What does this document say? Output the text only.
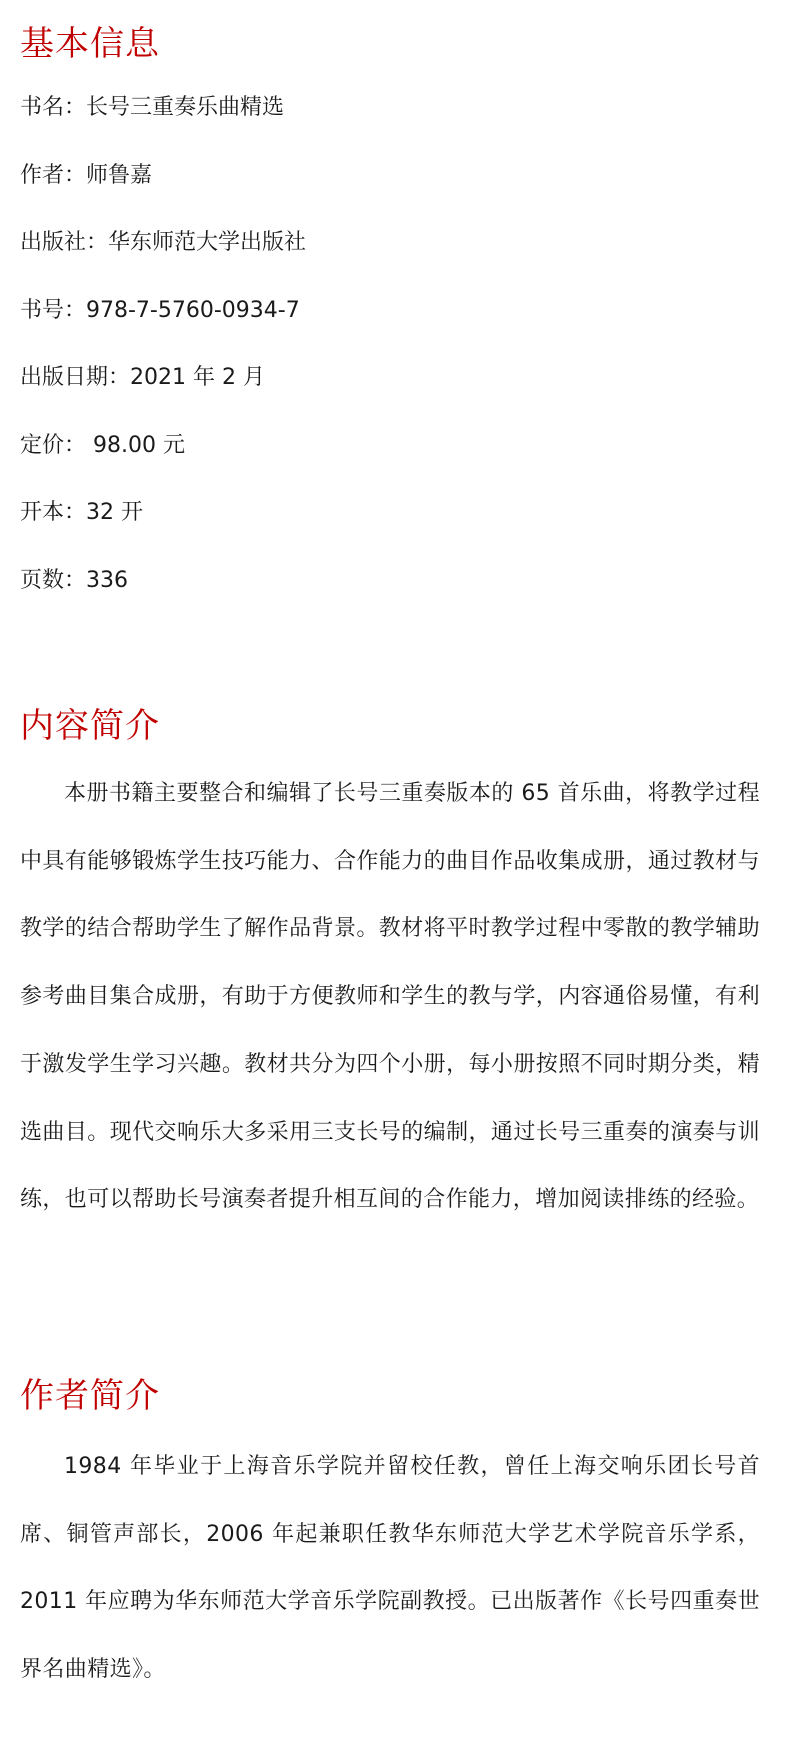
基本信息
书名：长号三重奏乐曲精选
作者：师鲁嘉
出版社：华东师范大学出版社
书号：978-7-5760-0934-7
出版日期：2021 年 2 月
定价： 98.00 元
开本：32 开
页数：336
内容简介

本册书籍主要整合和编辑了长号三重奏版本的 65 首乐曲，将教学过程中具有能够锻炼学生技巧能力、合作能力的曲目作品收集成册，通过教材与教学的结合帮助学生了解作品背景。教材将平时教学过程中零散的教学辅助参考曲目集合成册，有助于方便教师和学生的教与学，内容通俗易懂，有利于激发学生学习兴趣。教材共分为四个小册，每小册按照不同时期分类，精选曲目。现代交响乐大多采用三支长号的编制，通过长号三重奏的演奏与训练，也可以帮助长号演奏者提升相互间的合作能力，增加阅读排练的经验。

作者简介

1984 年毕业于上海音乐学院并留校任教，曾任上海交响乐团长号首席、铜管声部长，2006 年起兼职任教华东师范大学艺术学院音乐学系，2011 年应聘为华东师范大学音乐学院副教授。已出版著作《长号四重奏世界名曲精选》。
